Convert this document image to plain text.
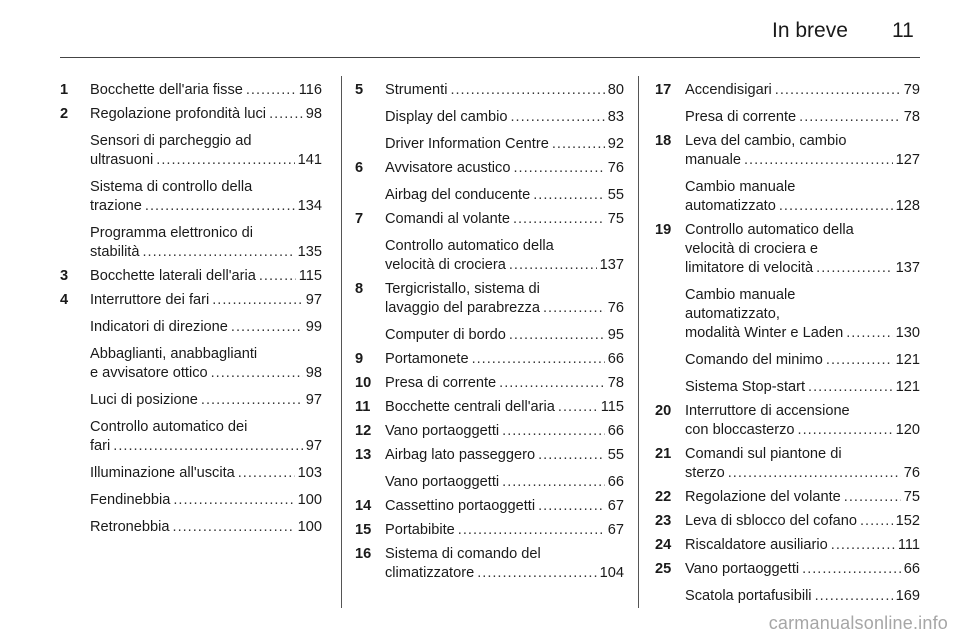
In breve 11
1	Bocchette dell'aria fisse .....	116
2	Regolazione profondità luci .....	98
Sensori di parcheggio ad
ultrasuoni .....	141
Sistema di controllo della
trazione .....	134
Programma elettronico di
stabilità .....	135
3	Bocchette laterali dell'aria .....	115
4	Interruttore dei fari .....	97
Indicatori di direzione .....	99
Abbaglianti, anabbaglianti
e avvisatore ottico .....	98
Luci di posizione .....	97
Controllo automatico dei
fari .....	97
Illuminazione all'uscita .....	103
Fendinebbia .....	100
Retronebbia .....	100
5	Strumenti .....	80
Display del cambio .....	83
Driver Information Centre .....	92
6	Avvisatore acustico .....	76
Airbag del conducente .....	55
7	Comandi al volante .....	75
Controllo automatico della
velocità di crociera .....	137
8	Tergicristallo, sistema di
lavaggio del parabrezza .....	76
Computer di bordo .....	95
9	Portamonete .....	66
10 Presa di corrente .....	78
11 Bocchette centrali dell'aria .....	115
12 Vano portaoggetti .....	66
13 Airbag lato passeggero .....	55
Vano portaoggetti .....	66
14 Cassettino portaoggetti .....	67
15 Portabibite .....	67
16 Sistema di comando del
climatizzatore .....	104
17 Accendisigari .....	79
Presa di corrente .....	78
18 Leva del cambio, cambio
manuale .....	127
Cambio manuale
automatizzato .....	128
19 Controllo automatico della
velocità di crociera e
limitatore di velocità .....	137
Cambio manuale
automatizzato,
modalità Winter e Laden .....	130
Comando del minimo .....	121
Sistema Stop-start .....	121
20 Interruttore di accensione
con bloccasterzo .....	120
21 Comandi sul piantone di
sterzo .....	76
22 Regolazione del volante .....	75
23 Leva di sblocco del cofano .....	152
24 Riscaldatore ausiliario .....	111
25 Vano portaoggetti .....	66
Scatola portafusibili .....	169
carmanualsonline.info
